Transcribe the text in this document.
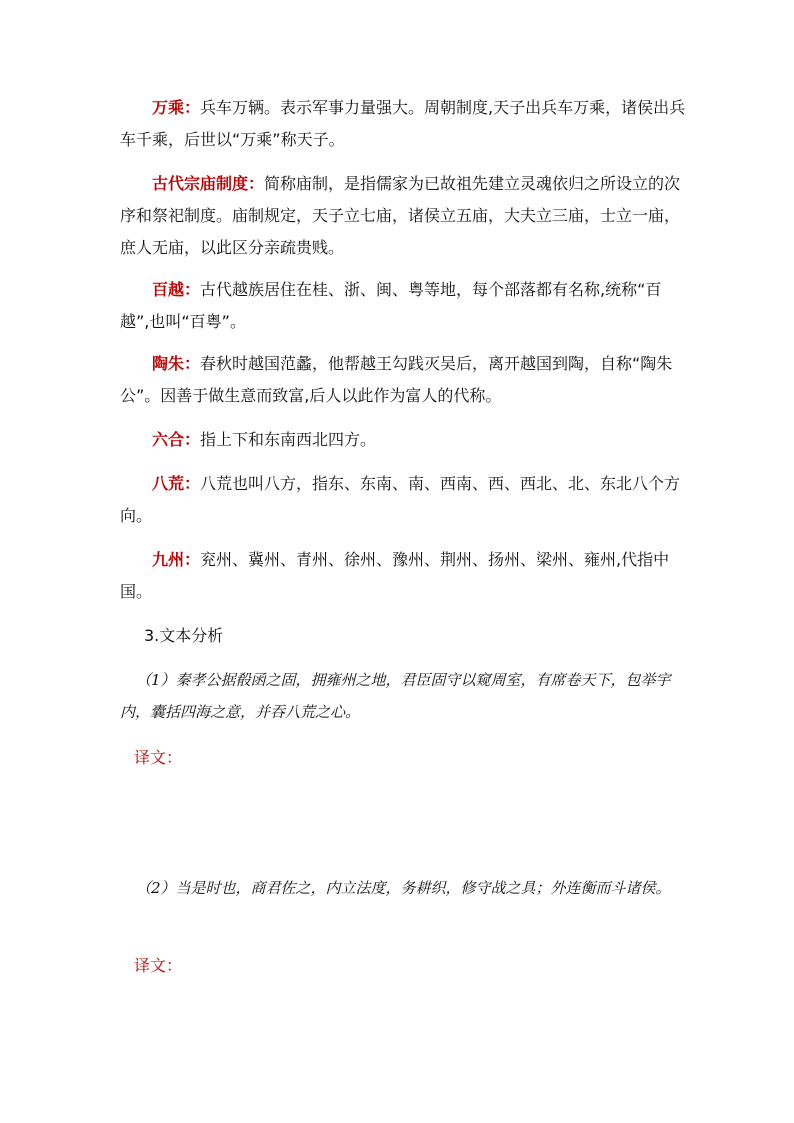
万乘：兵车万辆。表示军事力量强大。周朝制度,天子出兵车万乘，诸侯出兵车千乘，后世以“万乘”称天子。

古代宗庙制度：简称庙制，是指儒家为已故祖先建立灵魂依归之所设立的次序和祭祀制度。庙制规定，天子立七庙，诸侯立五庙，大夫立三庙，士立一庙，庶人无庙，以此区分亲疏贵贱。

百越：古代越族居住在桂、浙、闽、粤等地，每个部落都有名称,统称“百越”,也叫“百粤”。

陶朱：春秋时越国范蠡，他帮越王勾践灭吴后，离开越国到陶，自称“陶朱公”。因善于做生意而致富,后人以此作为富人的代称。

六合：指上下和东南西北四方。

八荒：八荒也叫八方，指东、东南、南、西南、西、西北、北、东北八个方向。

九州：兖州、冀州、青州、徐州、豫州、荆州、扬州、梁州、雍州,代指中国。

3.文本分析

（1）秦孝公据殽函之固，拥雍州之地，君臣固守以窥周室，有席卷天下，包举宇内，囊括四海之意，并吞八荒之心。

译文：

（2）当是时也，商君佐之，内立法度，务耕织，修守战之具；外连衡而斗诸侯。

译文：
